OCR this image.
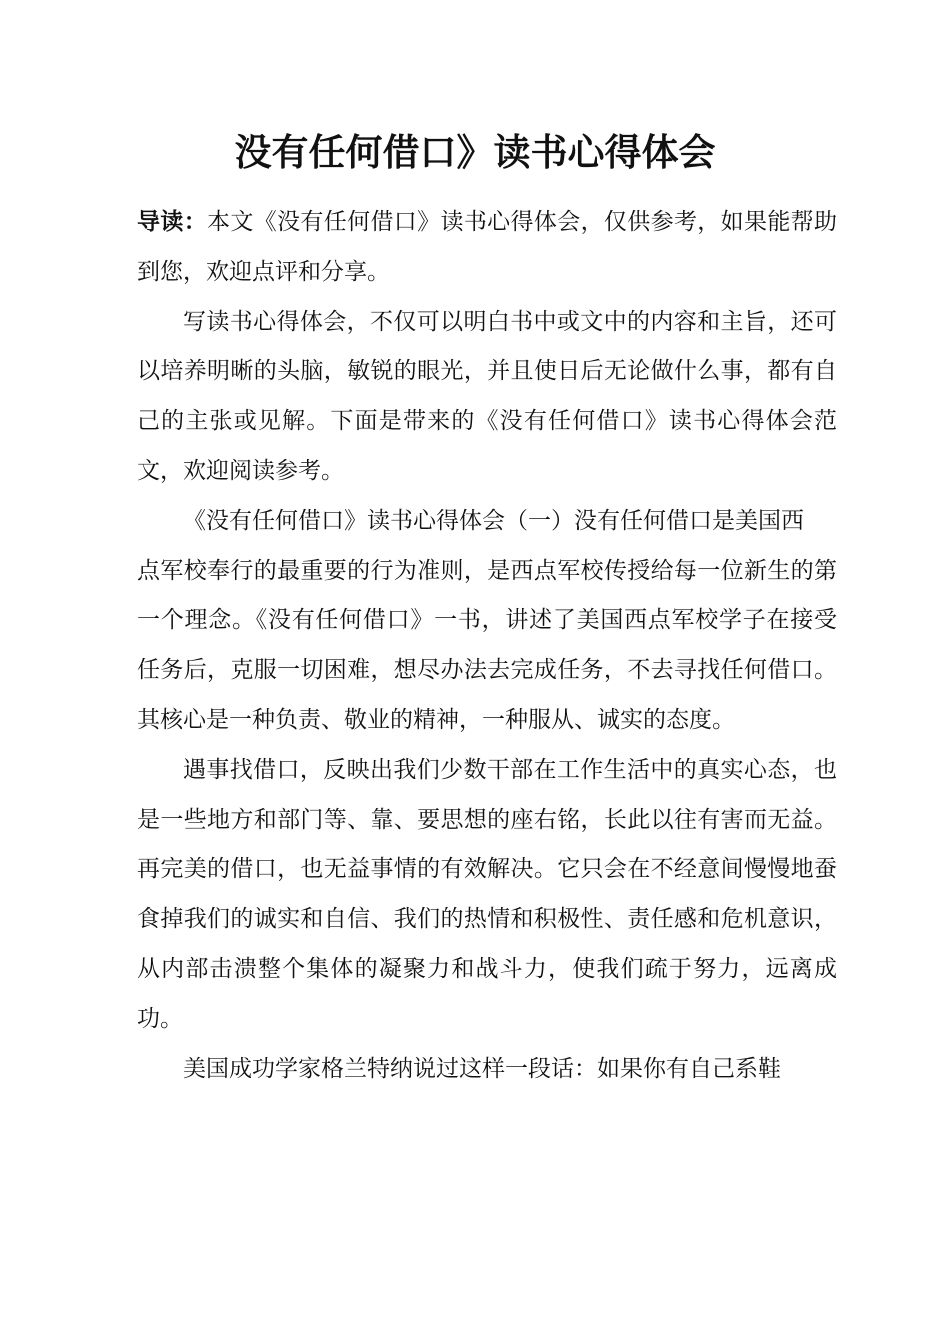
没有任何借口》读书心得体会

导读：本文《没有任何借口》读书心得体会，仅供参考，如果能帮助到您，欢迎点评和分享。

写读书心得体会，不仅可以明白书中或文中的内容和主旨，还可以培养明晰的头脑，敏锐的眼光，并且使日后无论做什么事，都有自己的主张或见解。下面是带来的《没有任何借口》读书心得体会范文，欢迎阅读参考。

《没有任何借口》读书心得体会（一）没有任何借口是美国西

点军校奉行的最重要的行为准则，是西点军校传授给每一位新生的第一个理念。《没有任何借口》一书，讲述了美国西点军校学子在接受任务后，克服一切困难，想尽办法去完成任务，不去寻找任何借口。其核心是一种负责、敬业的精神，一种服从、诚实的态度。

遇事找借口，反映出我们少数干部在工作生活中的真实心态，也是一些地方和部门等、靠、要思想的座右铭，长此以往有害而无益。再完美的借口，也无益事情的有效解决。它只会在不经意间慢慢地蚕食掉我们的诚实和自信、我们的热情和积极性、责任感和危机意识，从内部击溃整个集体的凝聚力和战斗力，使我们疏于努力，远离成功。

美国成功学家格兰特纳说过这样一段话：如果你有自己系鞋
